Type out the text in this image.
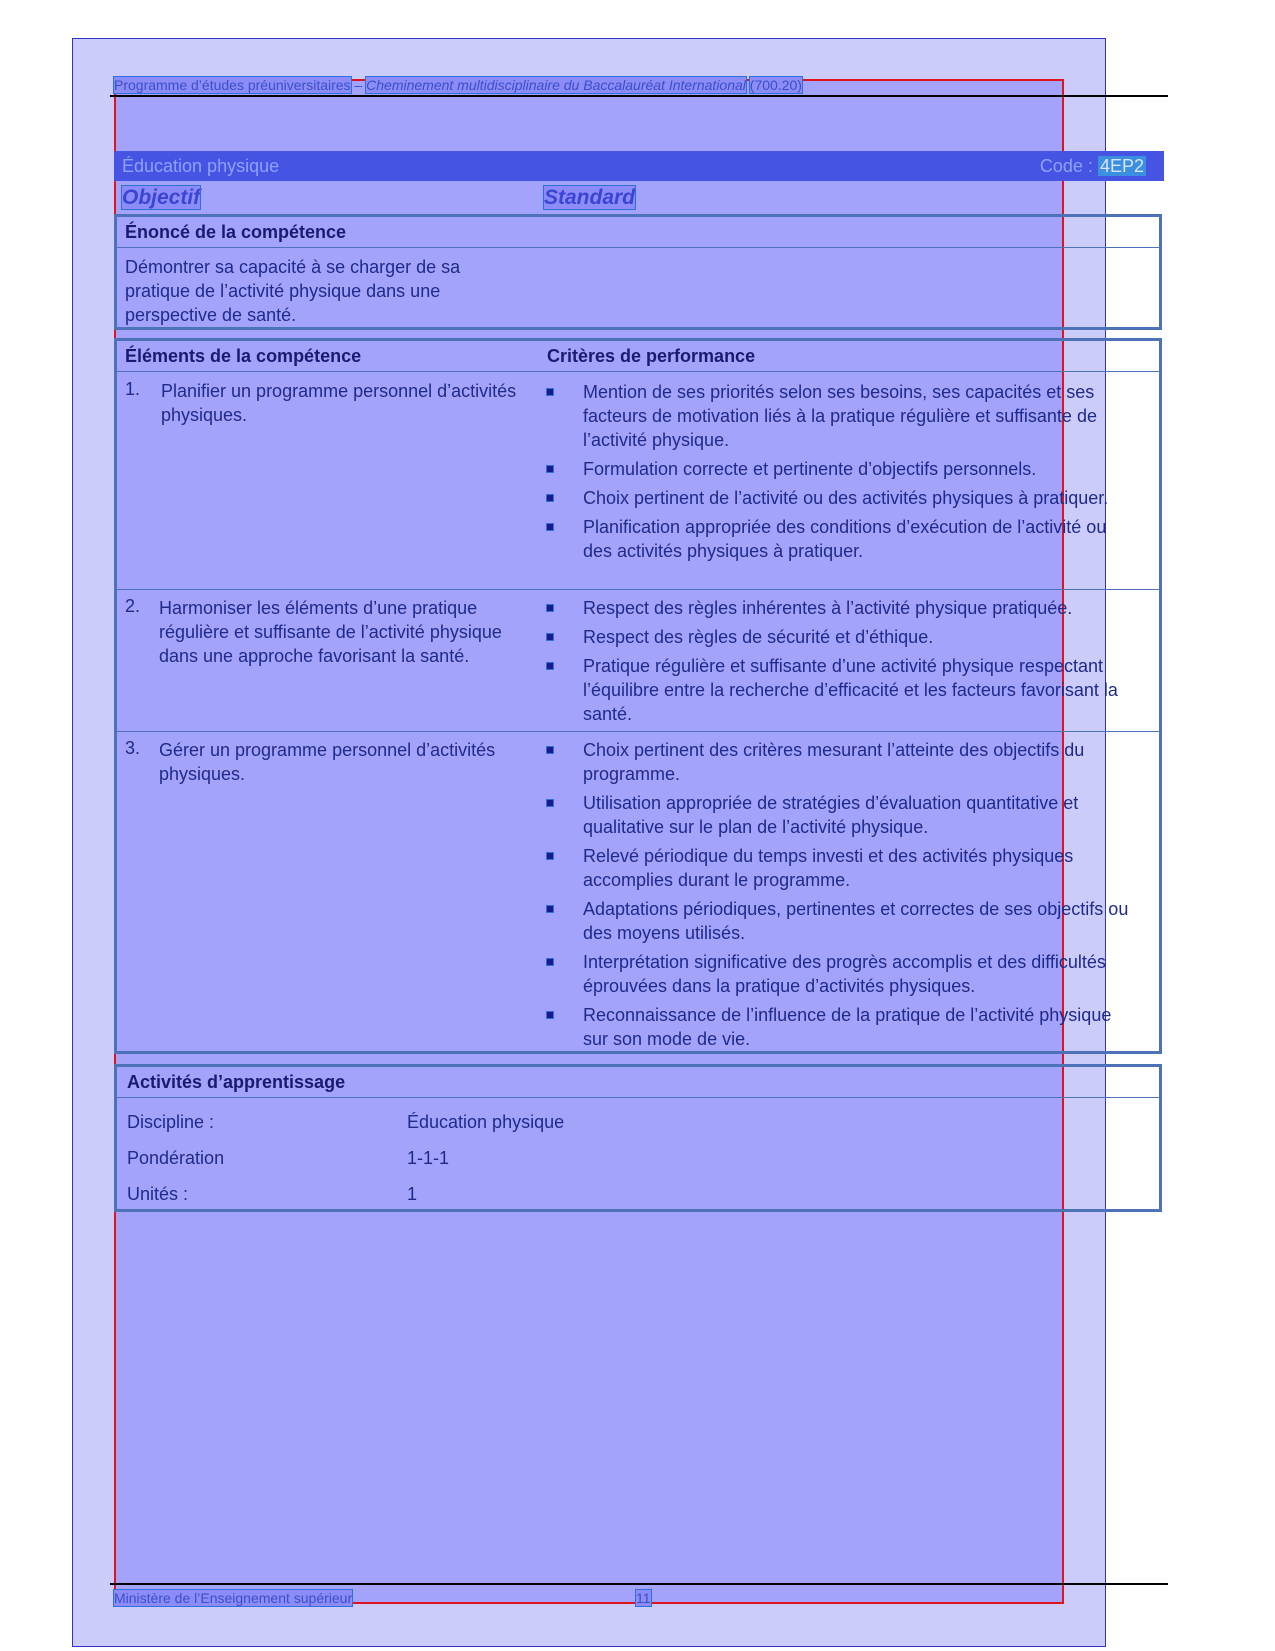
Programme d’études préuniversitaires – Cheminement multidisciplinaire du Baccalauréat International (700.20)
Éducation physique	Code : 4EP2
Objectif	Standard
Énoncé de la compétence
Démontrer sa capacité à se charger de sa pratique de l’activité physique dans une perspective de santé.
Éléments de la compétence	Critères de performance
1. Planifier un programme personnel d’activités physiques.
Mention de ses priorités selon ses besoins, ses capacités et ses facteurs de motivation liés à la pratique régulière et suffisante de l’activité physique.
Formulation correcte et pertinente d’objectifs personnels.
Choix pertinent de l’activité ou des activités physiques à pratiquer.
Planification appropriée des conditions d’exécution de l’activité ou des activités physiques à pratiquer.
2. Harmoniser les éléments d’une pratique régulière et suffisante de l’activité physique dans une approche favorisant la santé.
Respect des règles inhérentes à l’activité physique pratiquée.
Respect des règles de sécurité et d’éthique.
Pratique régulière et suffisante d’une activité physique respectant l’équilibre entre la recherche d’efficacité et les facteurs favorisant la santé.
3. Gérer un programme personnel d’activités physiques.
Choix pertinent des critères mesurant l’atteinte des objectifs du programme.
Utilisation appropriée de stratégies d’évaluation quantitative et qualitative sur le plan de l’activité physique.
Relevé périodique du temps investi et des activités physiques accomplies durant le programme.
Adaptations périodiques, pertinentes et correctes de ses objectifs ou des moyens utilisés.
Interprétation significative des progrès accomplis et des difficultés éprouvées dans la pratique d’activités physiques.
Reconnaissance de l’influence de la pratique de l’activité physique sur son mode de vie.
Activités d’apprentissage
Discipline :	Éducation physique
Pondération	1-1-1
Unités :	1
Ministère de l’Enseignement supérieur	11
